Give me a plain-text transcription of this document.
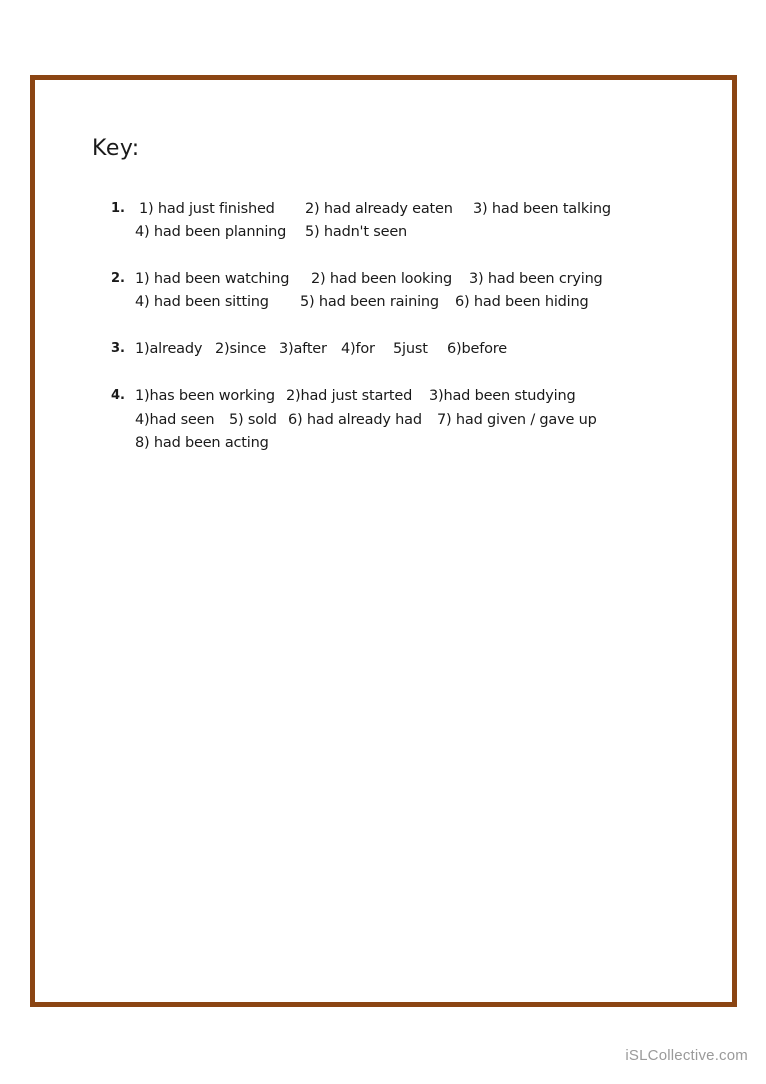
Key:
1. 1) had just finished 2) had already eaten 3) had been talking
4) had been planning 5) hadn't seen
2. 1) had been watching 2) had been looking 3) had been crying
4) had been sitting 5) had been raining 6) had been hiding
3. 1)already 2)since 3)after 4)for 5just 6)before
4. 1)has been working 2)had just started 3)had been studying
4)had seen 5) sold 6) had already had 7) had given / gave up
8) had been acting
iSLCollective.com
